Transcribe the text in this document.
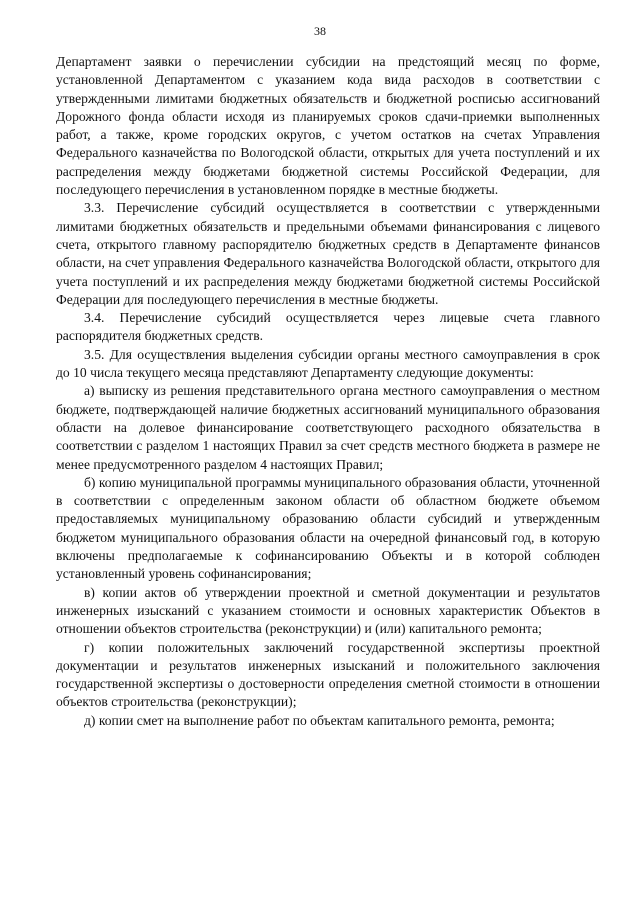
38

Департамент заявки о перечислении субсидии на предстоящий месяц по форме, установленной Департаментом с указанием кода вида расходов в соответствии с утвержденными лимитами бюджетных обязательств и бюджетной росписью ассигнований Дорожного фонда области исходя из планируемых сроков сдачи-приемки выполненных работ, а также, кроме городских округов, с учетом остатков на счетах Управления Федерального казначейства по Вологодской области, открытых для учета поступлений и их распределения между бюджетами бюджетной системы Российской Федерации, для последующего перечисления в установленном порядке в местные бюджеты.

3.3. Перечисление субсидий осуществляется в соответствии с утвержденными лимитами бюджетных обязательств и предельными объемами финансирования с лицевого счета, открытого главному распорядителю бюджетных средств в Департаменте финансов области, на счет управления Федерального казначейства Вологодской области, открытого для учета поступлений и их распределения между бюджетами бюджетной системы Российской Федерации для последующего перечисления в местные бюджеты.

3.4. Перечисление субсидий осуществляется через лицевые счета главного распорядителя бюджетных средств.

3.5. Для осуществления выделения субсидии органы местного самоуправления в срок до 10 числа текущего месяца представляют Департаменту следующие документы:

а) выписку из решения представительного органа местного самоуправления о местном бюджете, подтверждающей наличие бюджетных ассигнований муниципального образования области на долевое финансирование соответствующего расходного обязательства в соответствии с разделом 1 настоящих Правил за счет средств местного бюджета в размере не менее предусмотренного разделом 4 настоящих Правил;

б) копию муниципальной программы муниципального образования области, уточненной в соответствии с определенным законом области об областном бюджете объемом предоставляемых муниципальному образованию области субсидий и утвержденным бюджетом муниципального образования области на очередной финансовый год, в которую включены предполагаемые к софинансированию Объекты и в которой соблюден установленный уровень софинансирования;

в) копии актов об утверждении проектной и сметной документации и результатов инженерных изысканий с указанием стоимости и основных характеристик Объектов в отношении объектов строительства (реконструкции) и (или) капитального ремонта;

г) копии положительных заключений государственной экспертизы проектной документации и результатов инженерных изысканий и положительного заключения государственной экспертизы о достоверности определения сметной стоимости в отношении объектов строительства (реконструкции);

д) копии смет на выполнение работ по объектам капитального ремонта, ремонта;
